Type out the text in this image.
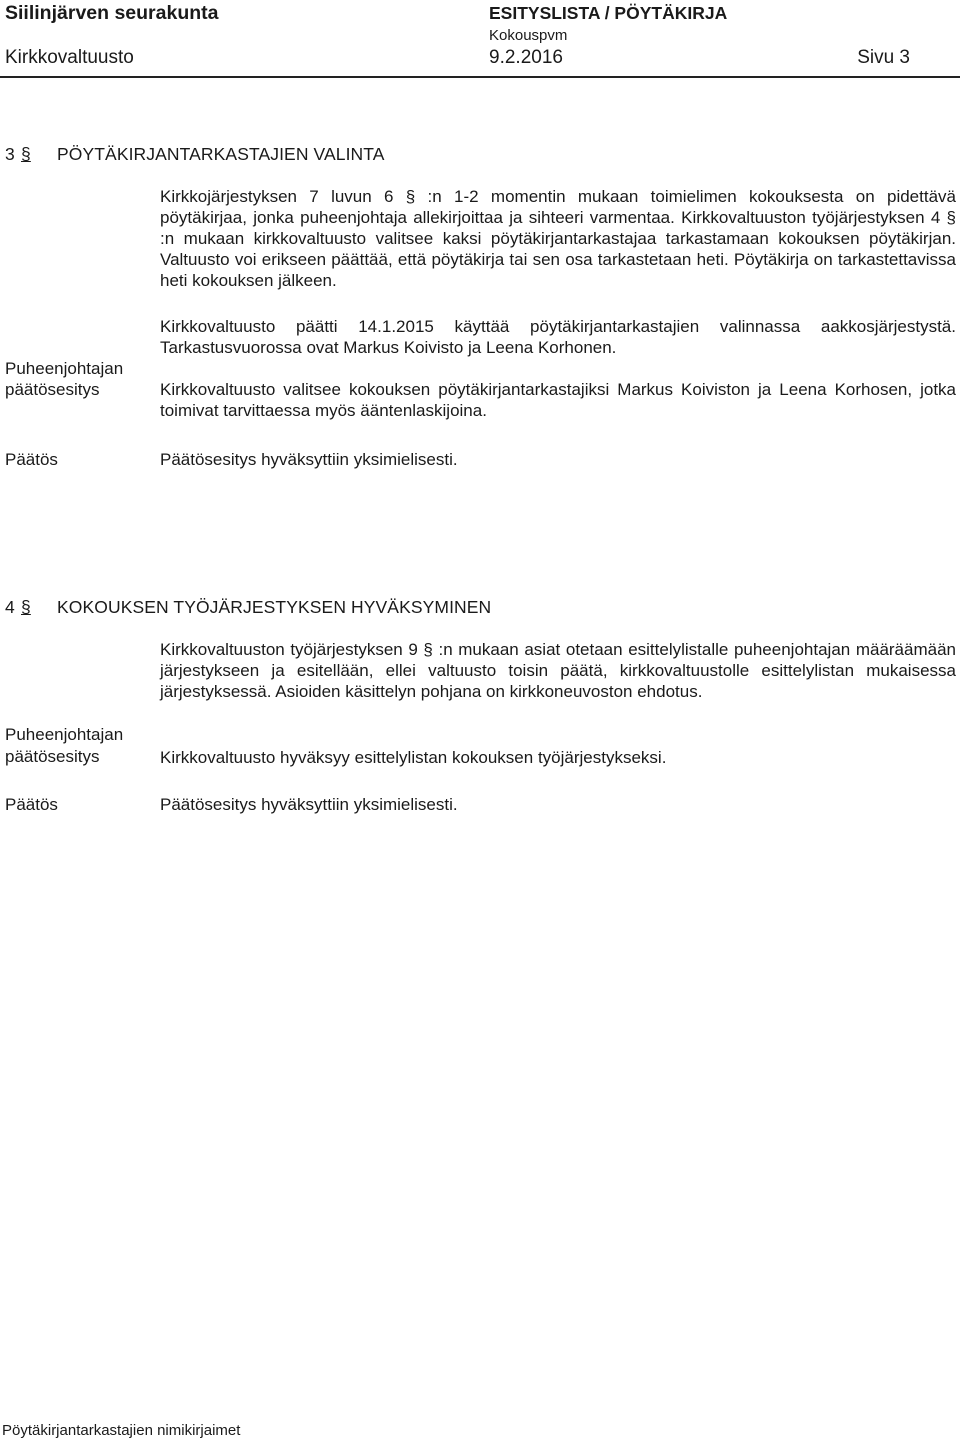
Siilinjärven seurakunta	ESITYSLISTA / PÖYTÄKIRJA
Kokouspvm
Kirkkovaltuusto	9.2.2016	Sivu 3
3 § PÖYTÄKIRJANTARKASTAJIEN VALINTA
Kirkkojärjestyksen 7 luvun 6 § :n 1-2 momentin mukaan toimielimen kokouksesta on pidettävä pöytäkirjaa, jonka puheenjohtaja allekirjoittaa ja sihteeri varmentaa. Kirkkovaltuuston työjärjestyksen 4 § :n mukaan kirkkovaltuusto valitsee kaksi pöytäkirjantarkastajaa tarkastamaan kokouksen pöytäkirjan. Valtuusto voi erikseen päättää, että pöytäkirja tai sen osa tarkastetaan heti. Pöytäkirja on tarkastettavissa heti kokouksen jälkeen.
Kirkkovaltuusto päätti 14.1.2015 käyttää pöytäkirjantarkastajien valinnassa aakkosjärjestystä. Tarkastusvuorossa ovat Markus Koivisto ja Leena Korhonen.
Puheenjohtajan
päätösesitys	Kirkkovaltuusto valitsee kokouksen pöytäkirjantarkastajiksi Markus Koiviston ja Leena Korhosen, jotka toimivat tarvittaessa myös ääntenlaskijoina.
Päätös	Päätösesitys hyväksyttiin yksimielisesti.
4 § KOKOUKSEN TYÖJÄRJESTYKSEN HYVÄKSYMINEN
Kirkkovaltuuston työjärjestyksen 9 § :n mukaan asiat otetaan esittelylistalle puheenjohtajan määräämään järjestykseen ja esitellään, ellei valtuusto toisin päätä, kirkkovaltuustolle esittelylistan mukaisessa järjestyksessä. Asioiden käsittelyn pohjana on kirkkoneuvoston ehdotus.
Puheenjohtajan
päätösesitys	Kirkkovaltuusto hyväksyy esittelylistan kokouksen työjärjestykseksi.
Päätös	Päätösesitys hyväksyttiin yksimielisesti.
Pöytäkirjantarkastajien nimikirjaimet
